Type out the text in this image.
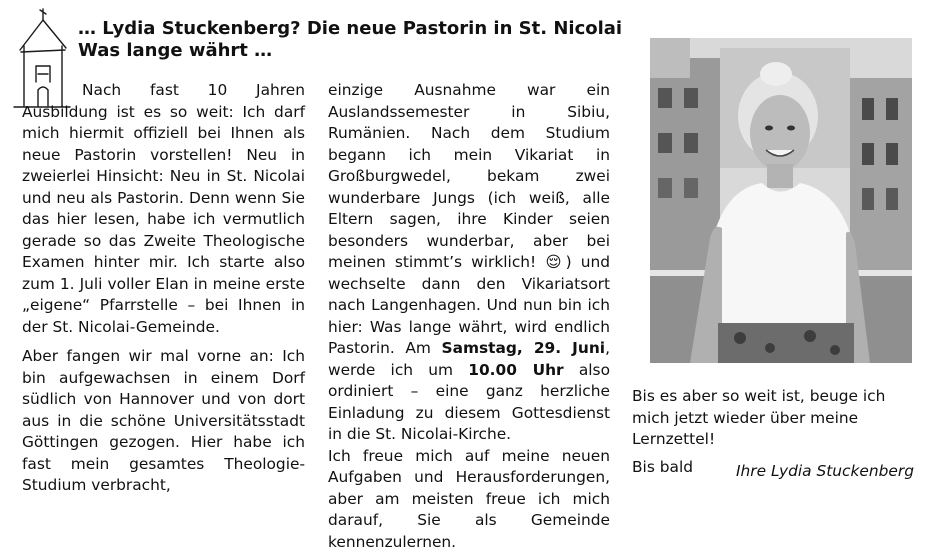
… Lydia Stuckenberg? Die neue Pastorin in St. Nicolai
Was lange währt …

Nach fast 10 Jahren Ausbildung ist es so weit: Ich darf mich hiermit offiziell bei Ihnen als neue Pastorin vorstellen! Neu in zweierlei Hinsicht: Neu in St. Nicolai und neu als Pastorin. Denn wenn Sie das hier lesen, habe ich vermutlich gerade so das Zweite Theologische Examen hinter mir. Ich starte also zum 1. Juli voller Elan in meine erste „eigene“ Pfarrstelle – bei Ihnen in der St. Nicolai-Gemeinde.

Aber fangen wir mal vorne an: Ich bin aufgewachsen in einem Dorf südlich von Hannover und von dort aus in die schöne Universitätsstadt Göttingen gezogen. Hier habe ich fast mein gesamtes Theologie-Studium verbracht,

einzige Ausnahme war ein Auslandssemester in Sibiu, Rumänien. Nach dem Studium begann ich mein Vikariat in Großburgwedel, bekam zwei wunderbare Jungs (ich weiß, alle Eltern sagen, ihre Kinder seien besonders wunderbar, aber bei meinen stimmt’s wirklich! 😌) und wechselte dann den Vikariatsort nach Langenhagen. Und nun bin ich hier: Was lange währt, wird endlich Pastorin. Am Samstag, 29. Juni, werde ich um 10.00 Uhr also ordiniert – eine ganz herzliche Einladung zu diesem Gottesdienst in die St. Nicolai-Kirche.

Ich freue mich auf meine neuen Aufgaben und Herausforderungen, aber am meisten freue ich mich darauf, Sie als Gemeinde kennenzulernen.

Bis es aber so weit ist, beuge ich mich jetzt wieder über meine Lernzettel!

Bis bald	Ihre Lydia Stuckenberg
